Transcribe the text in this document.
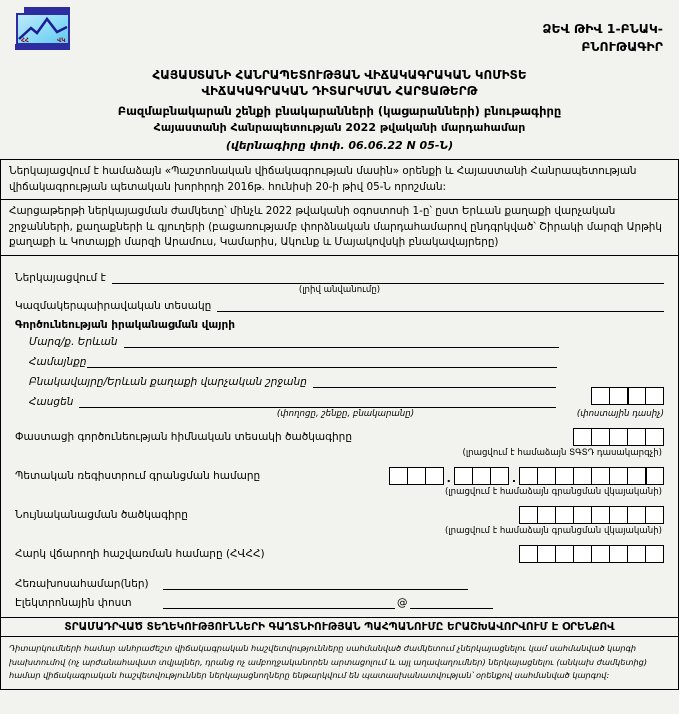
ՀՀ	ՎԿ
ՁԵՎ ԹԻՎ 1-ԲՆԱԿ-
ԲՆՈՒԹԱԳԻՐ
ՀԱՅԱՍՏԱՆԻ ՀԱՆՐԱՊԵՏՈՒԹՅԱՆ ՎԻՃԱԿԱԳՐԱԿԱՆ ԿՈՄԻՏԵ
ՎԻՃԱԿԱԳՐԱԿԱՆ ԴԻՏԱՐԿՄԱՆ ՀԱՐՑԱԹԵՐԹ
Բազմաբնակարան շենքի բնակարանների (կացարանների) բնութագիրը
Հայաստանի Հանրապետության 2022 թվականի մարդահամար
(վերնագիրը փոփ. 06.06.22 N 05-Ն)
Ներկայացվում է համաձայն «Պաշտոնական վիճակագրության մասին» օրենքի և Հայաստանի Հանրապետության վիճակագրության պետական խորհրդի 2016թ. հունիսի 20-ի թիվ 05-Ն որոշման:
Հարցաթերթի ներկայացման ժամկետը՝ մինչև 2022 թվականի օգոստոսի 1-ը՝ ըստ Երևան քաղաքի վարչական շրջանների, քաղաքների և գյուղերի (բացառությամբ փորձնական մարդահամարով ընդգրկված՝ Շիրակի մարզի Արթիկ քաղաքի և Կոտայքի մարզի Արամուս, Կամարիս, Ակունք և Մայակովսկի բնակավայրերը)
Ներկայացվում է
(լրիվ անվանումը)
Կազմակերպաիրավական տեսակը
Գործունեության իրականացման վայրի
Մարզ/ք. Երևան
Համայնքը
Բնակավայրը/Երևան քաղաքի վարչական շրջանը
Հասցեն
(փողոցը, շենքը, բնակարանը)	(փոստային դասիչ)
Փաստացի գործունեության հիմնական տեսակի ծածկագիրը
(լրացվում է համաձայն ՏԳՏԴ դասակարգչի)
Պետական ռեգիստրում գրանցման համարը	.	.
(լրացվում է համաձայն գրանցման վկայականի)
Նույնականացման ծածկագիրը
(լրացվում է համաձայն գրանցման վկայականի)
Հարկ վճարողի հաշվառման համարը (ՀՎՀՀ)
Հեռախոսահամար(ներ)
Էլեկտրոնային փոստ	@
ՏՐԱՄԱԴՐՎԱԾ ՏԵՂԵԿՈՒԹՅՈՒՆՆԵՐԻ ԳԱՂՏՆԻՈՒԹՅԱՆ ՊԱՀՊԱՆՈՒՄԸ ԵՐԱՇԽԱՎՈՐՎՈՒՄ Է ՕՐԵՆՔՈՎ
Դիտարկումների համար անհրաժեշտ վիճակագրական հաշվետվությունները սահմանված ժամկետում չներկայացնելու կամ սահմանված կարգի խախտումով (ոչ արժանահավատ տվյալներ, դրանց ոչ ամբողջականորեն արտացոլում և այլ աղավաղումներ) ներկայացնելու (անկախ ժամկետից) համար վիճակագրական հաշվետվություններ ներկայացնողները ենթարկվում են պատասխանատվության՝ օրենքով սահմանված կարգով:
